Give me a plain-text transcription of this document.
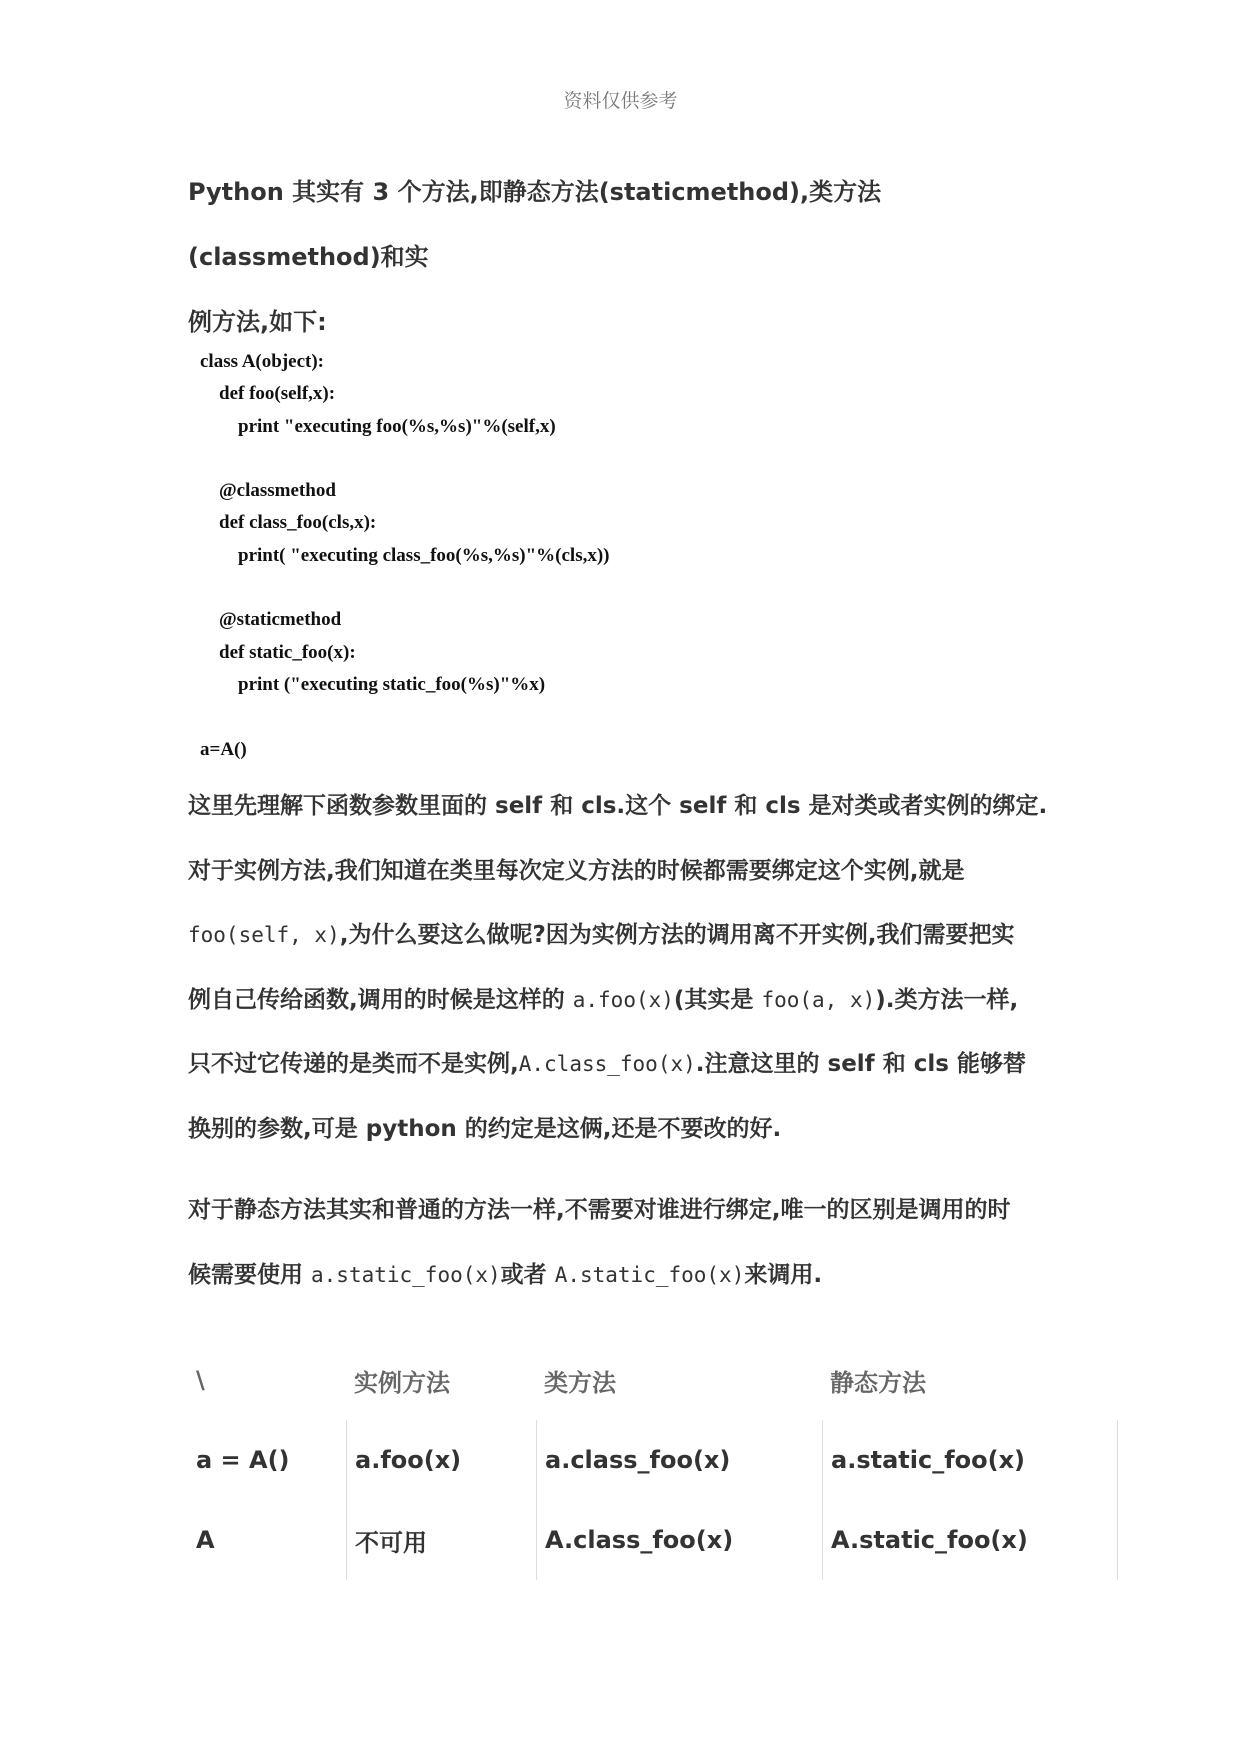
资料仅供参考

Python 其实有 3 个方法,即静态方法(staticmethod),类方法(classmethod)和实

例方法,如下:

class A(object):
def foo(self,x):
print "executing foo(%s,%s)"%(self,x)
@classmethod
def class_foo(cls,x):
print( "executing class_foo(%s,%s)"%(cls,x))
@staticmethod
def static_foo(x):
print ("executing static_foo(%s)"%x)
a=A()

这里先理解下函数参数里面的 self 和 cls.这个 self 和 cls 是对类或者实例的绑定.

对于实例方法,我们知道在类里每次定义方法的时候都需要绑定这个实例,就是

foo(self, x),为什么要这么做呢?因为实例方法的调用离不开实例,我们需要把实

例自己传给函数,调用的时候是这样的 a.foo(x)(其实是 foo(a, x)).类方法一样,

只不过它传递的是类而不是实例,A.class_foo(x).注意这里的 self 和 cls 能够替

换别的参数,可是 python 的约定是这俩,还是不要改的好.

对于静态方法其实和普通的方法一样,不需要对谁进行绑定,唯一的区别是调用的时

候需要使用 a.static_foo(x)或者 A.static_foo(x)来调用.

\	实例方法	类方法	静态方法
a = A()	a.foo(x)	a.class_foo(x)	a.static_foo(x)
A	不可用	A.class_foo(x)	A.static_foo(x)
